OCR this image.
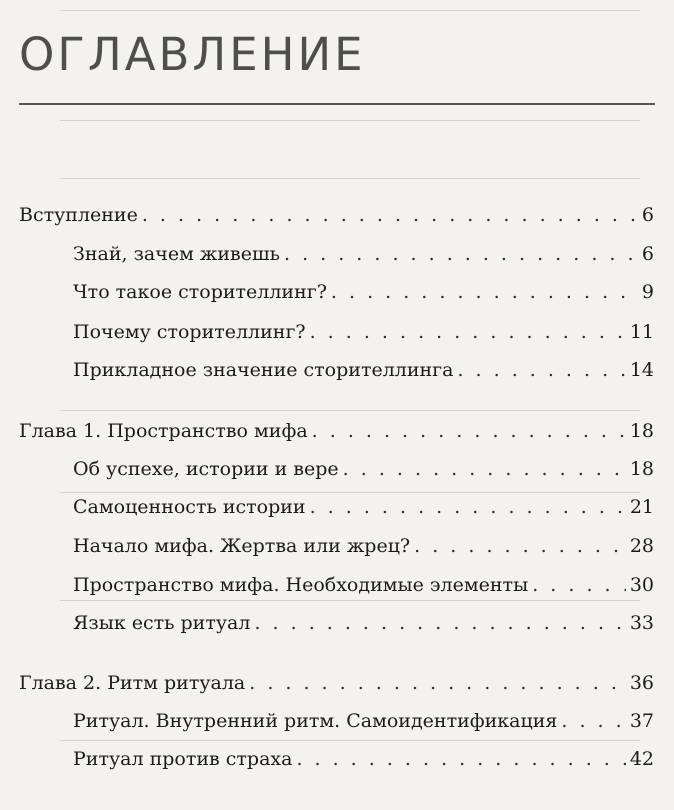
ОГЛАВЛЕНИЕ
Вступление . . .	6
Знай, зачем живешь . . .	6
Что такое сторителлинг? . . .	9
Почему сторителлинг? . . .	11
Прикладное значение сторителлинга . . .	14
Глава 1. Пространство мифа . . .	18
Об успехе, истории и вере . . .	18
Самоценность истории . . .	21
Начало мифа. Жертва или жрец? . . .	28
Пространство мифа. Необходимые элементы . . .	30
Язык есть ритуал . . .	33
Глава 2. Ритм ритуала . . .	36
Ритуал. Внутренний ритм. Самоидентификация . . .	37
Ритуал против страха . . .	42
